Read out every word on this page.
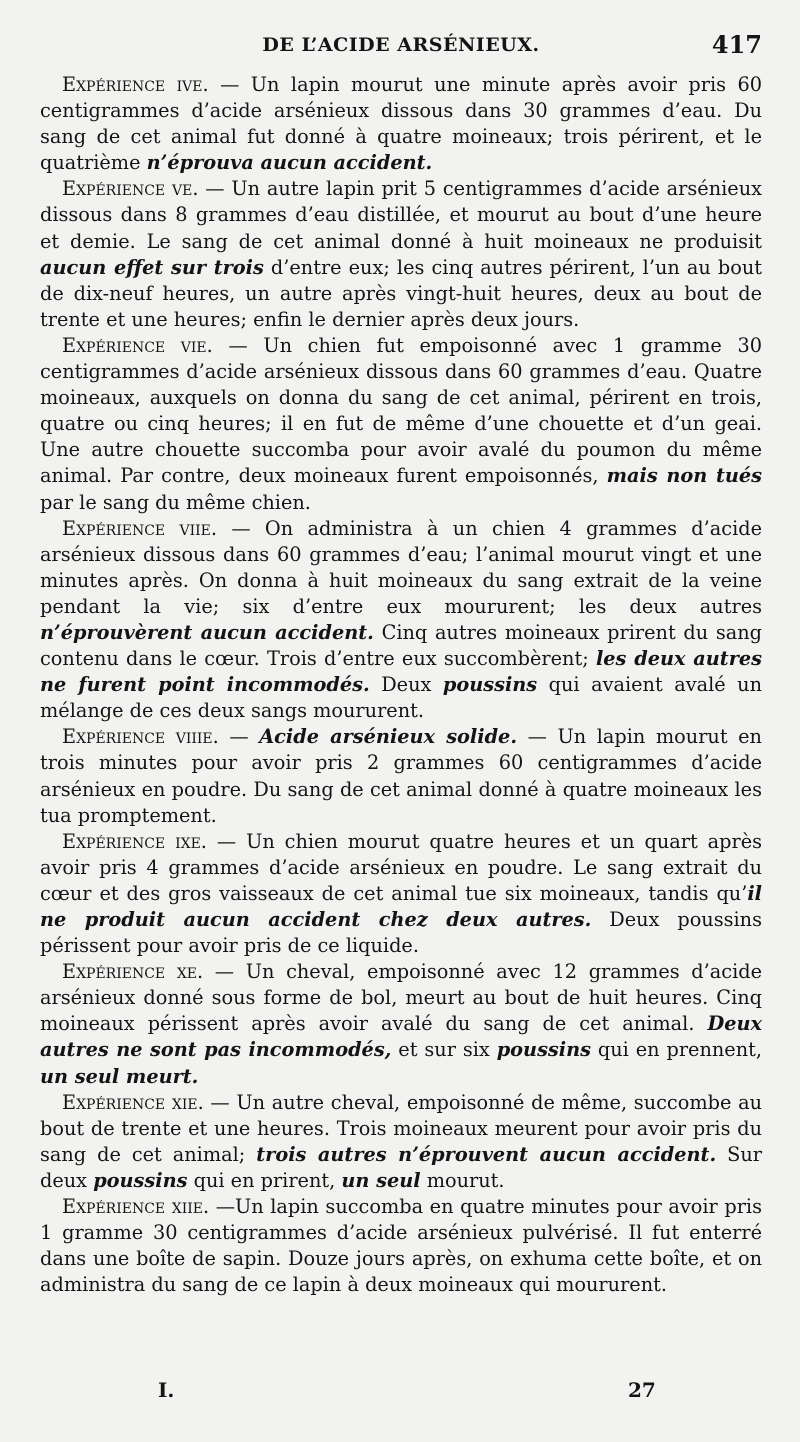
DE L’ACIDE ARSÉNIEUX.	417

Expérience ive. — Un lapin mourut une minute après avoir pris 60 centigrammes d’acide arsénieux dissous dans 30 grammes d’eau. Du sang de cet animal fut donné à quatre moineaux; trois périrent, et le quatrième n’éprouva aucun accident.

Expérience ve. — Un autre lapin prit 5 centigrammes d’acide arsénieux dissous dans 8 grammes d’eau distillée, et mourut au bout d’une heure et demie. Le sang de cet animal donné à huit moineaux ne produisit aucun effet sur trois d’entre eux; les cinq autres périrent, l’un au bout de dix-neuf heures, un autre après vingt-huit heures, deux au bout de trente et une heures; enfin le dernier après deux jours.

Expérience vie. — Un chien fut empoisonné avec 1 gramme 30 centigrammes d’acide arsénieux dissous dans 60 grammes d’eau. Quatre moineaux, auxquels on donna du sang de cet animal, périrent en trois, quatre ou cinq heures; il en fut de même d’une chouette et d’un geai. Une autre chouette succomba pour avoir avalé du poumon du même animal. Par contre, deux moineaux furent empoisonnés, mais non tués par le sang du même chien.

Expérience viie. — On administra à un chien 4 grammes d’acide arsénieux dissous dans 60 grammes d’eau; l’animal mourut vingt et une minutes après. On donna à huit moineaux du sang extrait de la veine pendant la vie; six d’entre eux moururent; les deux autres n’éprouvèrent aucun accident. Cinq autres moineaux prirent du sang contenu dans le cœur. Trois d’entre eux succombèrent; les deux autres ne furent point incommodés. Deux poussins qui avaient avalé un mélange de ces deux sangs moururent.

Expérience viiie. — Acide arsénieux solide. — Un lapin mourut en trois minutes pour avoir pris 2 grammes 60 centigrammes d’acide arsénieux en poudre. Du sang de cet animal donné à quatre moineaux les tua promptement.

Expérience ixe. — Un chien mourut quatre heures et un quart après avoir pris 4 grammes d’acide arsénieux en poudre. Le sang extrait du cœur et des gros vaisseaux de cet animal tue six moineaux, tandis qu’il ne produit aucun accident chez deux autres. Deux poussins périssent pour avoir pris de ce liquide.

Expérience xe. — Un cheval, empoisonné avec 12 grammes d’acide arsénieux donné sous forme de bol, meurt au bout de huit heures. Cinq moineaux périssent après avoir avalé du sang de cet animal. Deux autres ne sont pas incommodés, et sur six poussins qui en prennent, un seul meurt.

Expérience xie. — Un autre cheval, empoisonné de même, succombe au bout de trente et une heures. Trois moineaux meurent pour avoir pris du sang de cet animal; trois autres n’éprouvent aucun accident. Sur deux poussins qui en prirent, un seul mourut.

Expérience xiie. —Un lapin succomba en quatre minutes pour avoir pris 1 gramme 30 centigrammes d’acide arsénieux pulvérisé. Il fut enterré dans une boîte de sapin. Douze jours après, on exhuma cette boîte, et on administra du sang de ce lapin à deux moineaux qui moururent.

I.	27
